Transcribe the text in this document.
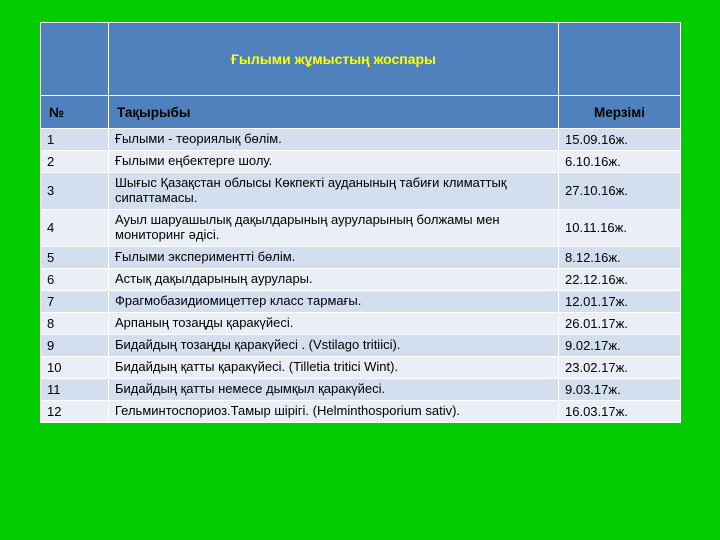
	Ғылыми жұмыстың жоспары	
№	Тақырыбы	Мерзімі
1	Ғылыми - теориялық бөлім.	15.09.16ж.
2	Ғылыми еңбектерге шолу.	6.10.16ж.
3	Шығыс Қазақстан облысы Көкпекті ауданының табиғи климаттық сипаттамасы.	27.10.16ж.
4	Ауыл шаруашылық дақылдарының ауруларының болжамы мен мониторинг әдісі.	10.11.16ж.
5	Ғылыми экспериментті бөлім.	8.12.16ж.
6	Астық дақылдарының аурулары.	22.12.16ж.
7	Фрагмобазидиомицеттер класс тармағы.	12.01.17ж.
8	Арпаның тозаңды қаракүйесі.	26.01.17ж.
9	Бидайдың тозаңды қаракүйесі . (Vstilago tritiici).	9.02.17ж.
10	Бидайдың қатты қаракүйесі. (Tilletia tritici Wint).	23.02.17ж.
11	Бидайдың қатты немесе дымқыл қаракүйесі.	9.03.17ж.
12	Гельминтоспориоз.Тамыр шірігі. (Helminthosporium sativ).	16.03.17ж.
